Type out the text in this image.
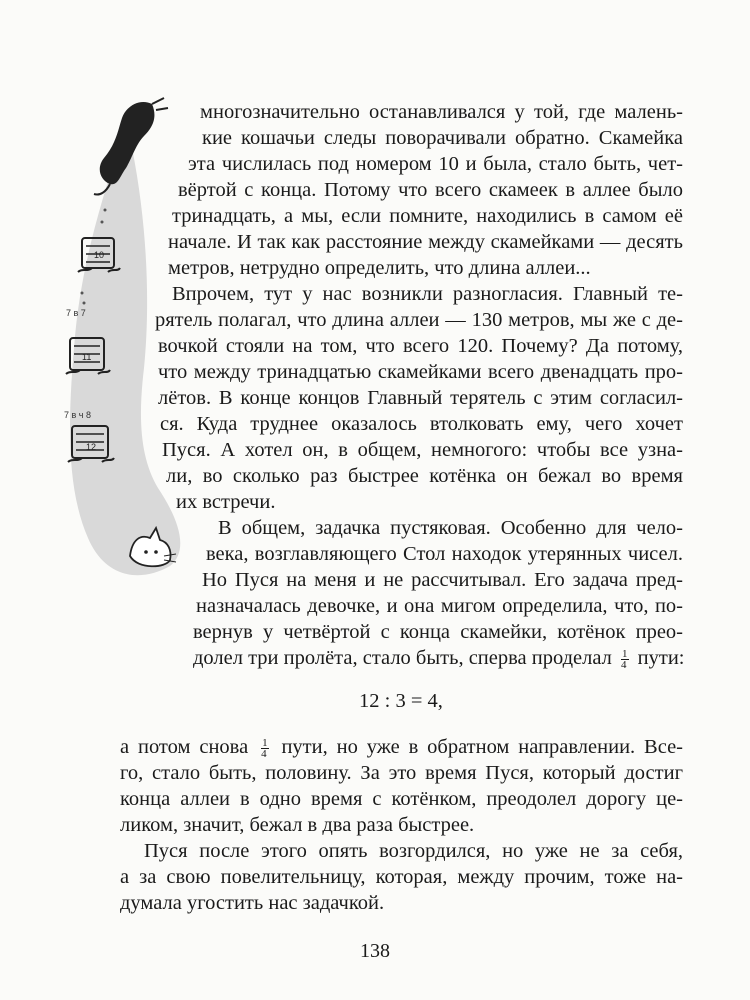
10
7 в 7
11
7 в ч 8
12
многозначительно останавливался у той, где малень-
кие кошачьи следы поворачивали обратно. Скамейка
эта числилась под номером 10 и была, стало быть, чет-
вёртой с конца. Потому что всего скамеек в аллее было
тринадцать, а мы, если помните, находились в самом её
начале. И так как расстояние между скамейками — десять
метров, нетрудно определить, что длина аллеи...
Впрочем, тут у нас возникли разногласия. Главный те-
рятель полагал, что длина аллеи — 130 метров, мы же с де-
вочкой стояли на том, что всего 120. Почему? Да потому,
что между тринадцатью скамейками всего двенадцать про-
лётов. В конце концов Главный терятель с этим согласил-
ся. Куда труднее оказалось втолковать ему, чего хочет
Пуся. А хотел он, в общем, немногого: чтобы все узна-
ли, во сколько раз быстрее котёнка он бежал во время
их встречи.
В общем, задачка пустяковая. Особенно для чело-
века, возглавляющего Стол находок утерянных чисел.
Но Пуся на меня и не рассчитывал. Его задача пред-
назначалась девочке, и она мигом определила, что, по-
вернув у четвёртой с конца скамейки, котёнок прео-
долел три пролёта, стало быть, сперва проделал $\frac{1}{4}$ пути:
12 : 3 = 4,
а потом снова $\frac{1}{4}$ пути, но уже в обратном направлении. Все-
го, стало быть, половину. За это время Пуся, который достиг
конца аллеи в одно время с котёнком, преодолел дорогу це-
ликом, значит, бежал в два раза быстрее.
Пуся после этого опять возгордился, но уже не за себя,
а за свою повелительницу, которая, между прочим, тоже на-
думала угостить нас задачкой.
138
